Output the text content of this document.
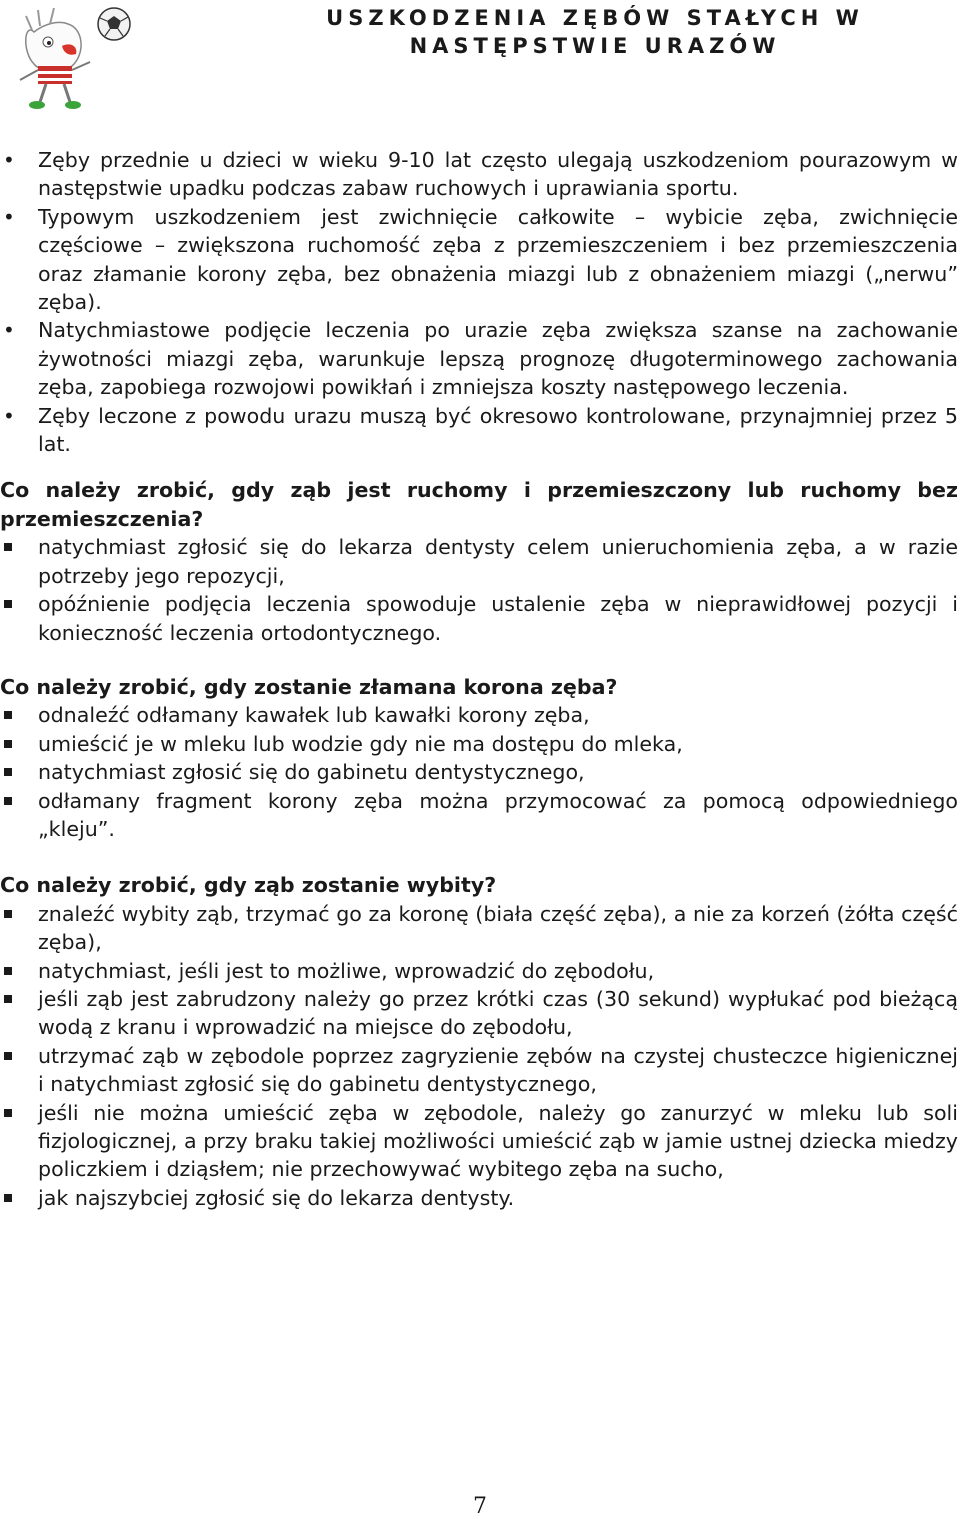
USZKODZENIA ZĘBÓW STAŁYCH W
NASTĘPSTWIE URAZÓW
•	Zęby przednie u dzieci w wieku 9-10 lat często ulegają uszkodzeniom pourazowym w następstwie upadku podczas zabaw ruchowych i uprawiania sportu.
•	Typowym uszkodzeniem jest zwichnięcie całkowite – wybicie zęba, zwichnięcie częściowe – zwiększona ruchomość zęba z przemieszczeniem i bez przemieszczenia oraz złamanie korony zęba, bez obnażenia miazgi lub z obnażeniem miazgi („nerwu” zęba).
•	Natychmiastowe podjęcie leczenia po urazie zęba zwiększa szanse na zachowanie żywotności miazgi zęba, warunkuje lepszą prognozę długoterminowego zachowania zęba, zapobiega rozwojowi powikłań i zmniejsza koszty następowego leczenia.
•	Zęby leczone z powodu urazu muszą być okresowo kontrolowane, przynajmniej przez 5 lat.

Co należy zrobić, gdy ząb jest ruchomy i przemieszczony lub ruchomy bez przemieszczenia?

natychmiast zgłosić się do lekarza dentysty celem unieruchomienia zęba, a w razie potrzeby jego repozycji,
opóźnienie podjęcia leczenia spowoduje ustalenie zęba w nieprawidłowej pozycji i konieczność leczenia ortodontycznego.

Co należy zrobić, gdy zostanie złamana korona zęba?

odnaleźć odłamany kawałek lub kawałki korony zęba,
umieścić je w mleku lub wodzie gdy nie ma dostępu do mleka,
natychmiast zgłosić się do gabinetu dentystycznego,
odłamany fragment korony zęba można przymocować za pomocą odpowiedniego „kleju”.

Co należy zrobić, gdy ząb zostanie wybity?

znaleźć wybity ząb, trzymać go za koronę (biała część zęba), a nie za korzeń (żółta część zęba),
natychmiast, jeśli jest to możliwe, wprowadzić do zębodołu,
jeśli ząb jest zabrudzony należy go przez krótki czas (30 sekund) wypłukać pod bieżącą wodą z kranu i wprowadzić na miejsce do zębodołu,
utrzymać ząb w zębodole poprzez zagryzienie zębów na czystej chusteczce higienicznej i natychmiast zgłosić się do gabinetu dentystycznego,
jeśli nie można umieścić zęba w zębodole, należy go zanurzyć w mleku lub soli fizjologicznej, a przy braku takiej możliwości umieścić ząb w jamie ustnej dziecka miedzy policzkiem i dziąsłem; nie przechowywać wybitego zęba na sucho,
jak najszybciej zgłosić się do lekarza dentysty.
7
